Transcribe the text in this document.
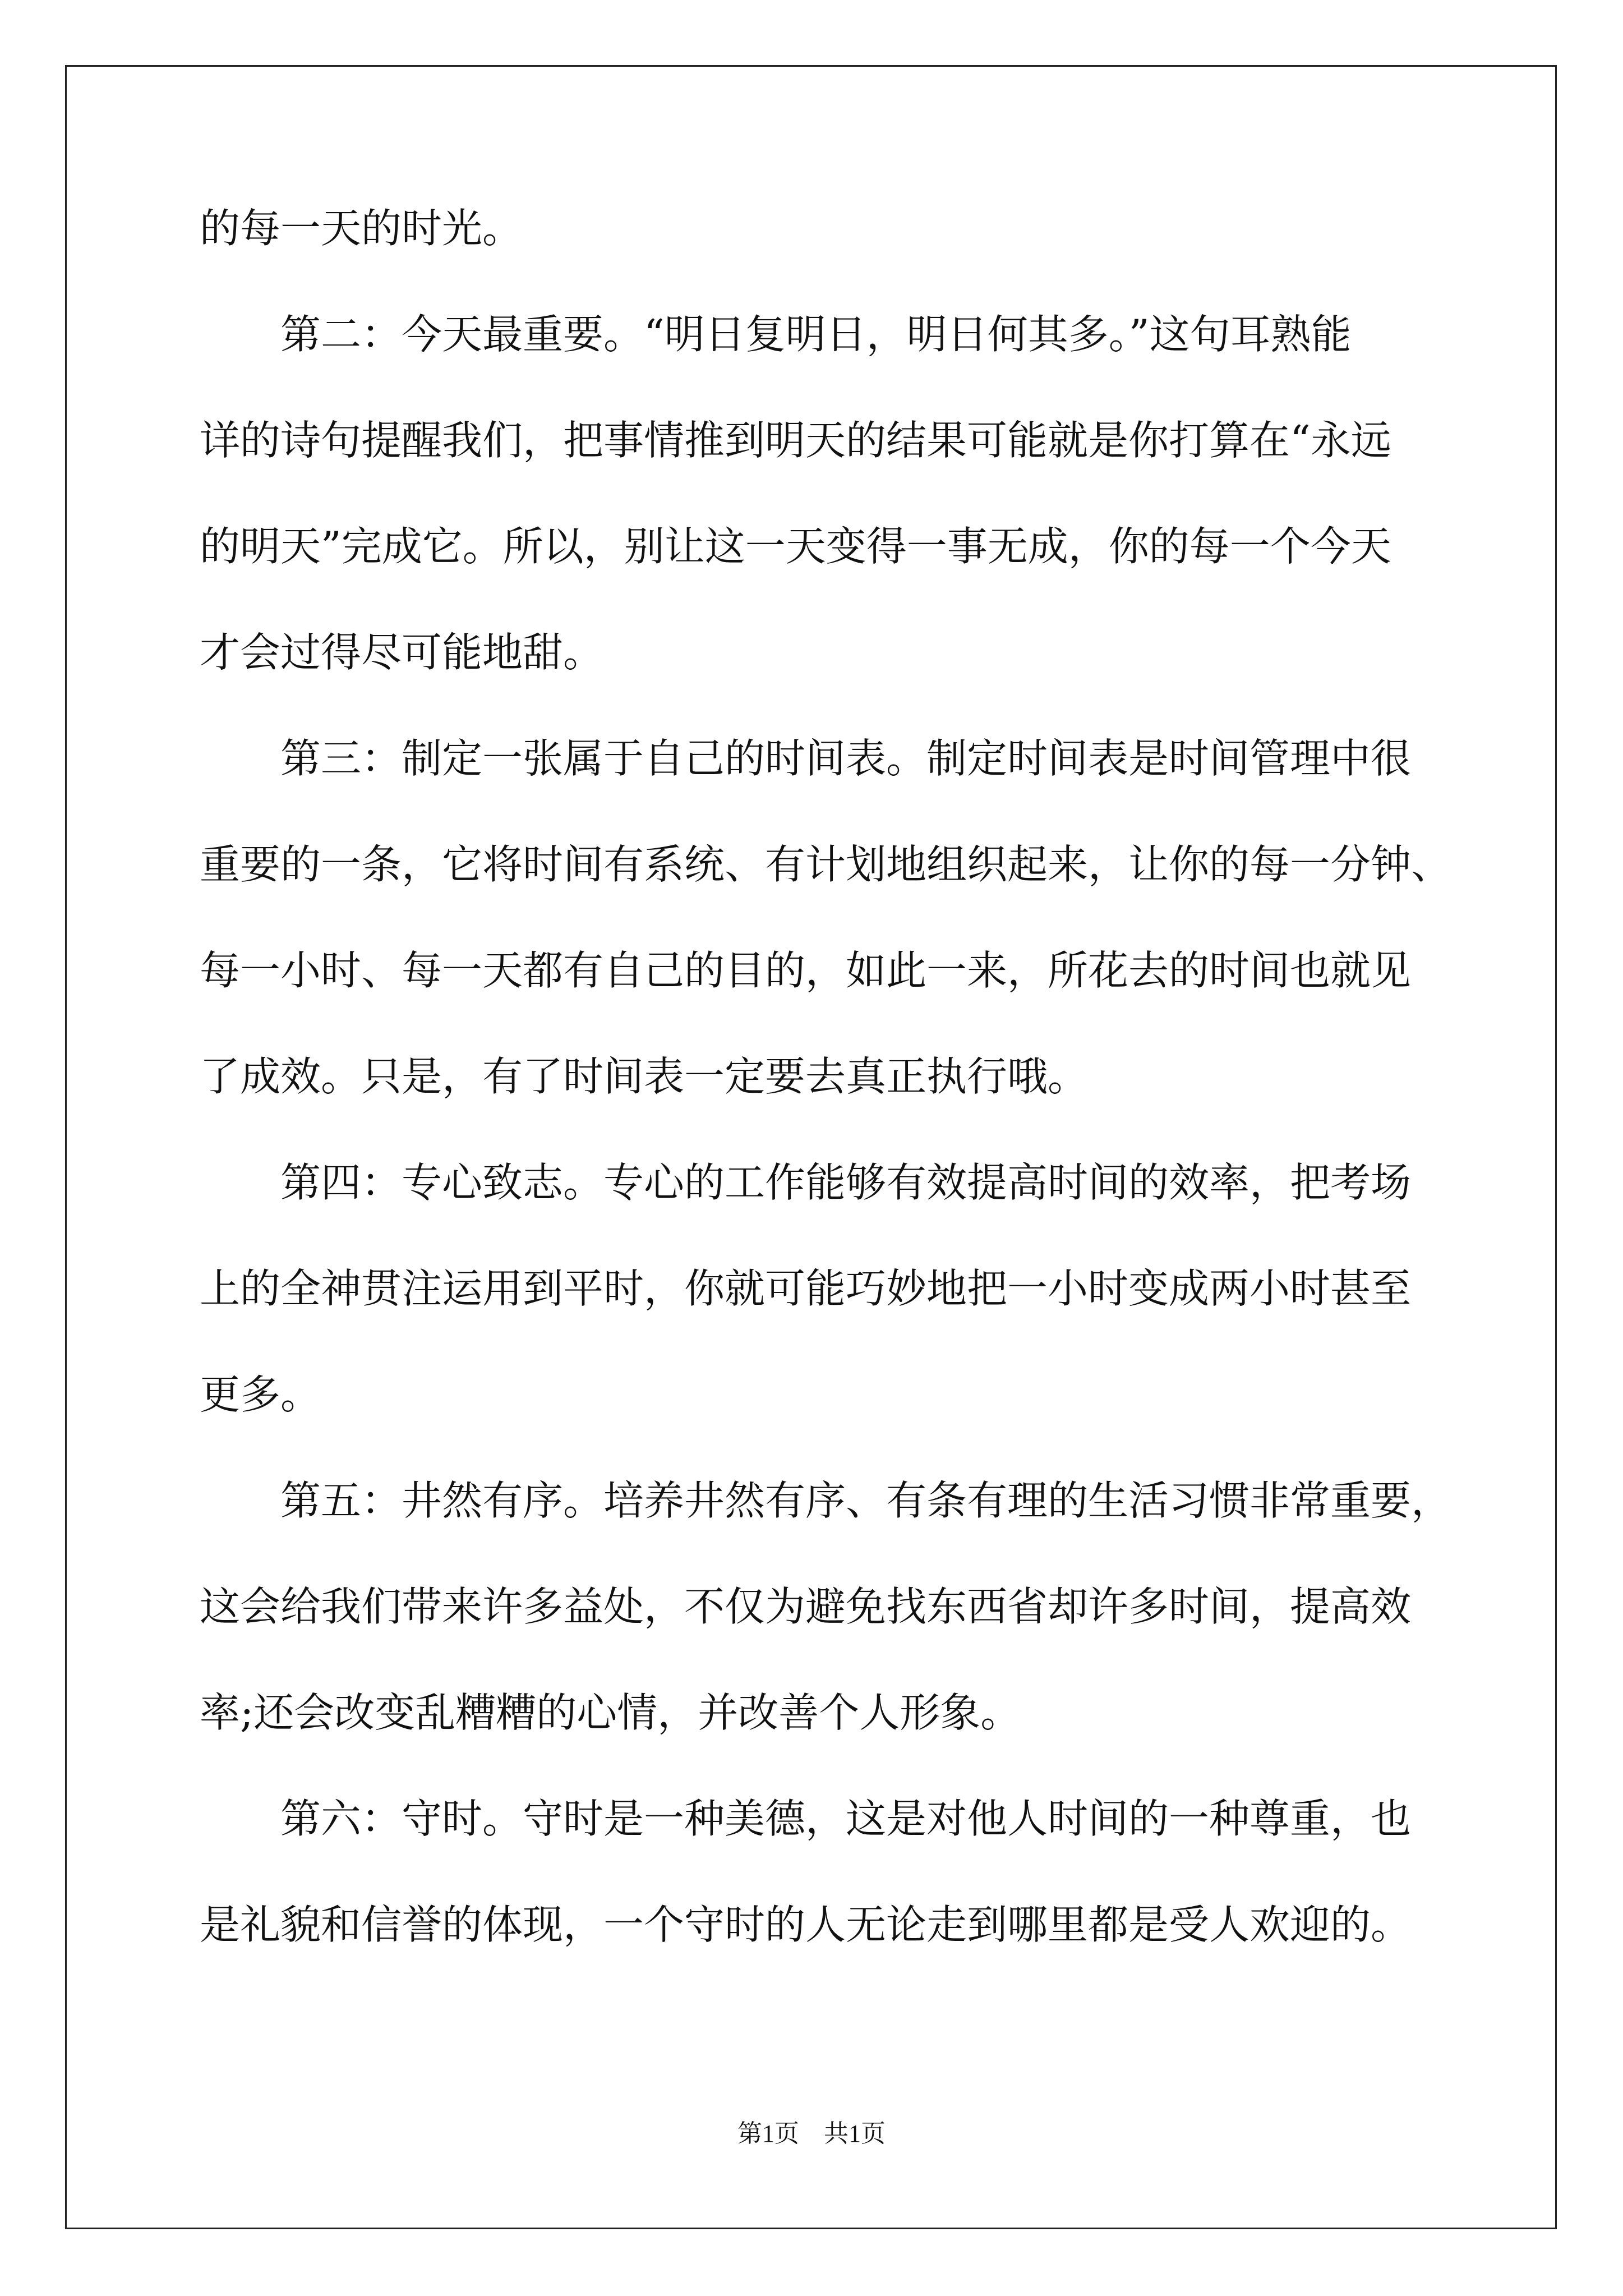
的每一天的时光。
　　第二：今天最重要。“明日复明日，明日何其多。”这句耳熟能
详的诗句提醒我们，把事情推到明天的结果可能就是你打算在“永远
的明天”完成它。所以，别让这一天变得一事无成，你的每一个今天
才会过得尽可能地甜。
　　第三：制定一张属于自己的时间表。制定时间表是时间管理中很
重要的一条，它将时间有系统、有计划地组织起来，让你的每一分钟、
每一小时、每一天都有自己的目的，如此一来，所花去的时间也就见
了成效。只是，有了时间表一定要去真正执行哦。
　　第四：专心致志。专心的工作能够有效提高时间的效率，把考场
上的全神贯注运用到平时，你就可能巧妙地把一小时变成两小时甚至
更多。
　　第五：井然有序。培养井然有序、有条有理的生活习惯非常重要，
这会给我们带来许多益处，不仅为避免找东西省却许多时间，提高效
率;还会改变乱糟糟的心情，并改善个人形象。
　　第六：守时。守时是一种美德，这是对他人时间的一种尊重，也
是礼貌和信誉的体现，一个守时的人无论走到哪里都是受人欢迎的。
第1页　共1页
